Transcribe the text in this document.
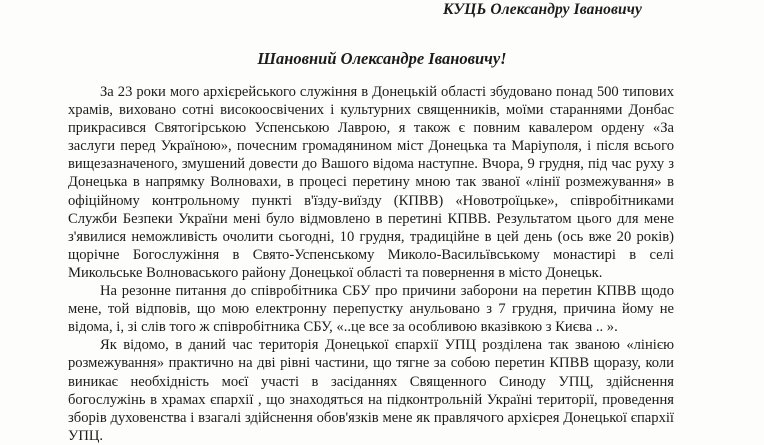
КУЦЬ Олександру Івановичу
Шановний Олександре Івановичу!

За 23 роки мого архієрейського служіння в Донецькій області збудовано понад 500 типових храмів, виховано сотні високоосвічених і культурних священників, моїми стараннями Донбас прикрасився Святогірською Успенською Лаврою, я також є повним кавалером ордену «За заслуги перед Україною», почесним громадянином міст Донецька та Маріуполя, і після всього вищезазначеного, змушений довести до Вашого відома наступне. Вчора, 9 грудня, під час руху з Донецька в напрямку Волновахи, в процесі перетину мною так званої «лінії розмежування» в офіційному контрольному пункті в'їзду-виїзду (КПВВ) «Новотроїцьке», співробітниками Служби Безпеки України мені було відмовлено в перетині КПВВ. Результатом цього для мене з'явилися неможливість очолити сьогодні, 10 грудня, традиційне в цей день (ось вже 20 років) щорічне Богослужіння в Свято-Успенському Миколо-Васильївському монастирі в селі Микольське Волноваського району Донецької області та повернення в місто Донецьк.

На резонне питання до співробітника СБУ про причини заборони на перетин КПВВ щодо мене, той відповів, що мою електронну перепустку анульовано з 7 грудня, причина йому не відома, і, зі слів того ж співробітника СБУ, «..це все за особливою вказівкою з Києва .. ».

Як відомо, в даний час територія Донецької єпархії УПЦ розділена так званою «лінією розмежування» практично на дві рівні частини, що тягне за собою перетин КПВВ щоразу, коли виникає необхідність моєї участі в засіданнях Священного Синоду УПЦ, здійснення богослужінь в храмах єпархії , що знаходяться на підконтрольній Україні території, проведення зборів духовенства і взагалі здійснення обов'язків мене як правлячого архієрея Донецької єпархії УПЦ.
